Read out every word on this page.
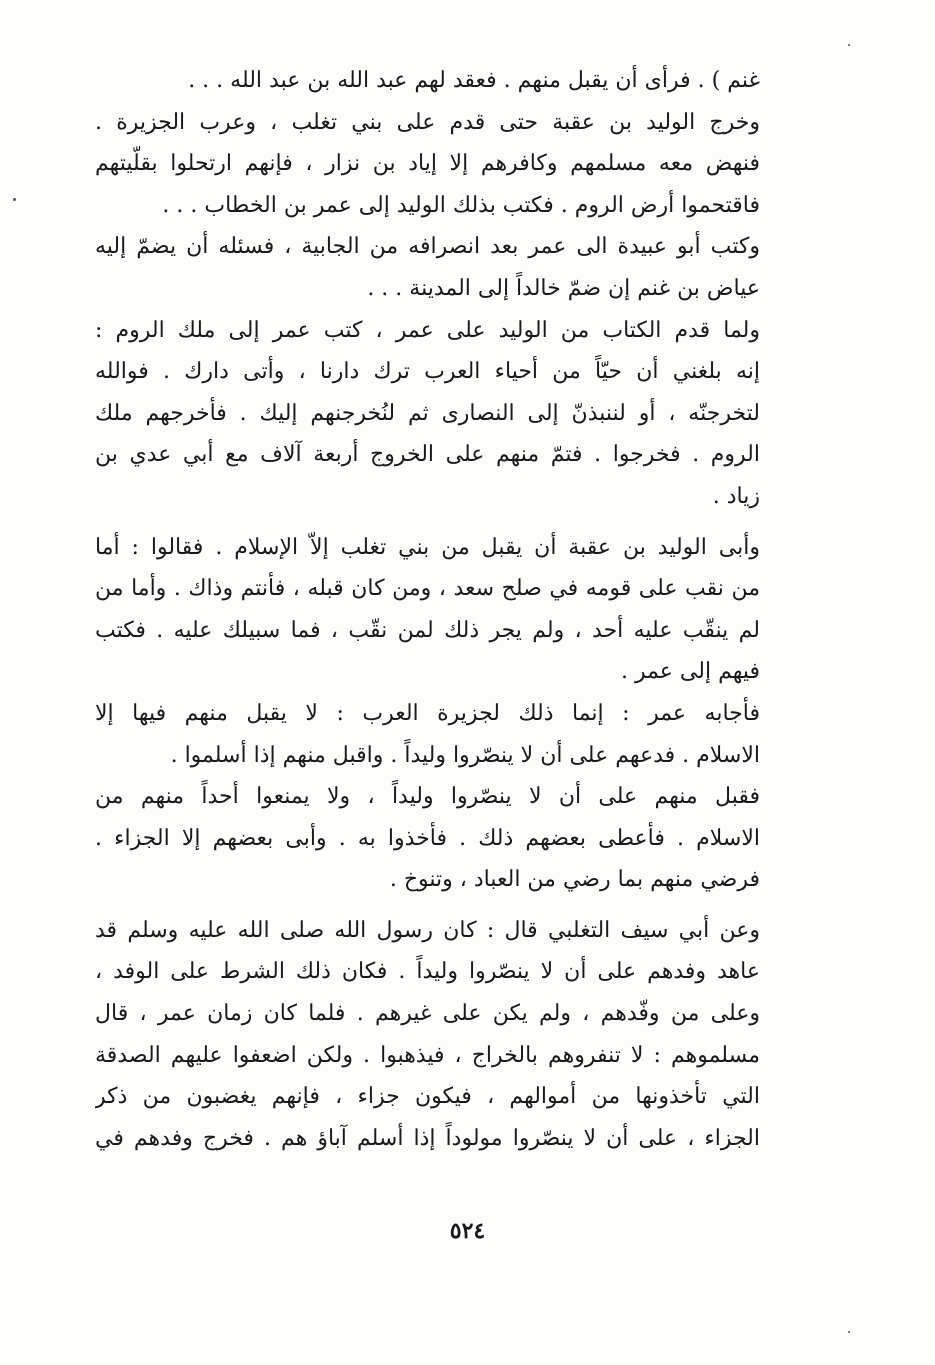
غنم ) . فرأى أن يقبل منهم . فعقد لهم عبد الله بن عبد الله . . .
وخرج الوليد بن عقبة حتى قدم على بني تغلب ، وعرب الجزيرة .
فنهض معه مسلمهم وكافرهم إلا إياد بن نزار ، فإنهم ارتحلوا بقلّيتهم
فاقتحموا أرض الروم . فكتب بذلك الوليد إلى عمر بن الخطاب . . .
وكتب أبو عبيدة الى عمر بعد انصرافه من الجابية ، فسئله أن يضمّ إليه
عياض بن غنم إن ضمّ خالداً إلى المدينة . . .
ولما قدم الكتاب من الوليد على عمر ، كتب عمر إلى ملك الروم :
إنه بلغني أن حيّاً من أحياء العرب ترك دارنا ، وأتى دارك . فوالله
لتخرجنّه ، أو لننبذنّ إلى النصارى ثم لنُخرجنهم إليك . فأخرجهم ملك
الروم . فخرجوا . فتمّ منهم على الخروج أربعة آلاف مع أبي عدي بن
زياد .
وأبى الوليد بن عقبة أن يقبل من بني تغلب إلاّ الإسلام . فقالوا : أما
من نقب على قومه في صلح سعد ، ومن كان قبله ، فأنتم وذاك . وأما من
لم ينقّب عليه أحد ، ولم يجر ذلك لمن نقّب ، فما سبيلك عليه . فكتب
فيهم إلى عمر .
فأجابه عمر : إنما ذلك لجزيرة العرب : لا يقبل منهم فيها إلا
الاسلام . فدعهم على أن لا ينصّروا وليداً . واقبل منهم إذا أسلموا .
فقبل منهم على أن لا ينصّروا وليداً ، ولا يمنعوا أحداً منهم من
الاسلام . فأعطى بعضهم ذلك . فأخذوا به . وأبى بعضهم إلا الجزاء .
فرضي منهم بما رضي من العباد ، وتنوخ .
وعن أبي سيف التغلبي قال : كان رسول الله صلى الله عليه وسلم قد
عاهد وفدهم على أن لا ينصّروا وليداً . فكان ذلك الشرط على الوفد ،
وعلى من وفّدهم ، ولم يكن على غيرهم . فلما كان زمان عمر ، قال
مسلموهم : لا تنفروهم بالخراج ، فيذهبوا . ولكن اضعفوا عليهم الصدقة
التي تأخذونها من أموالهم ، فيكون جزاء ، فإنهم يغضبون من ذكر
الجزاء ، على أن لا ينصّروا مولوداً إذا أسلم آباؤ هم . فخرج وفدهم في
٥٢٤
